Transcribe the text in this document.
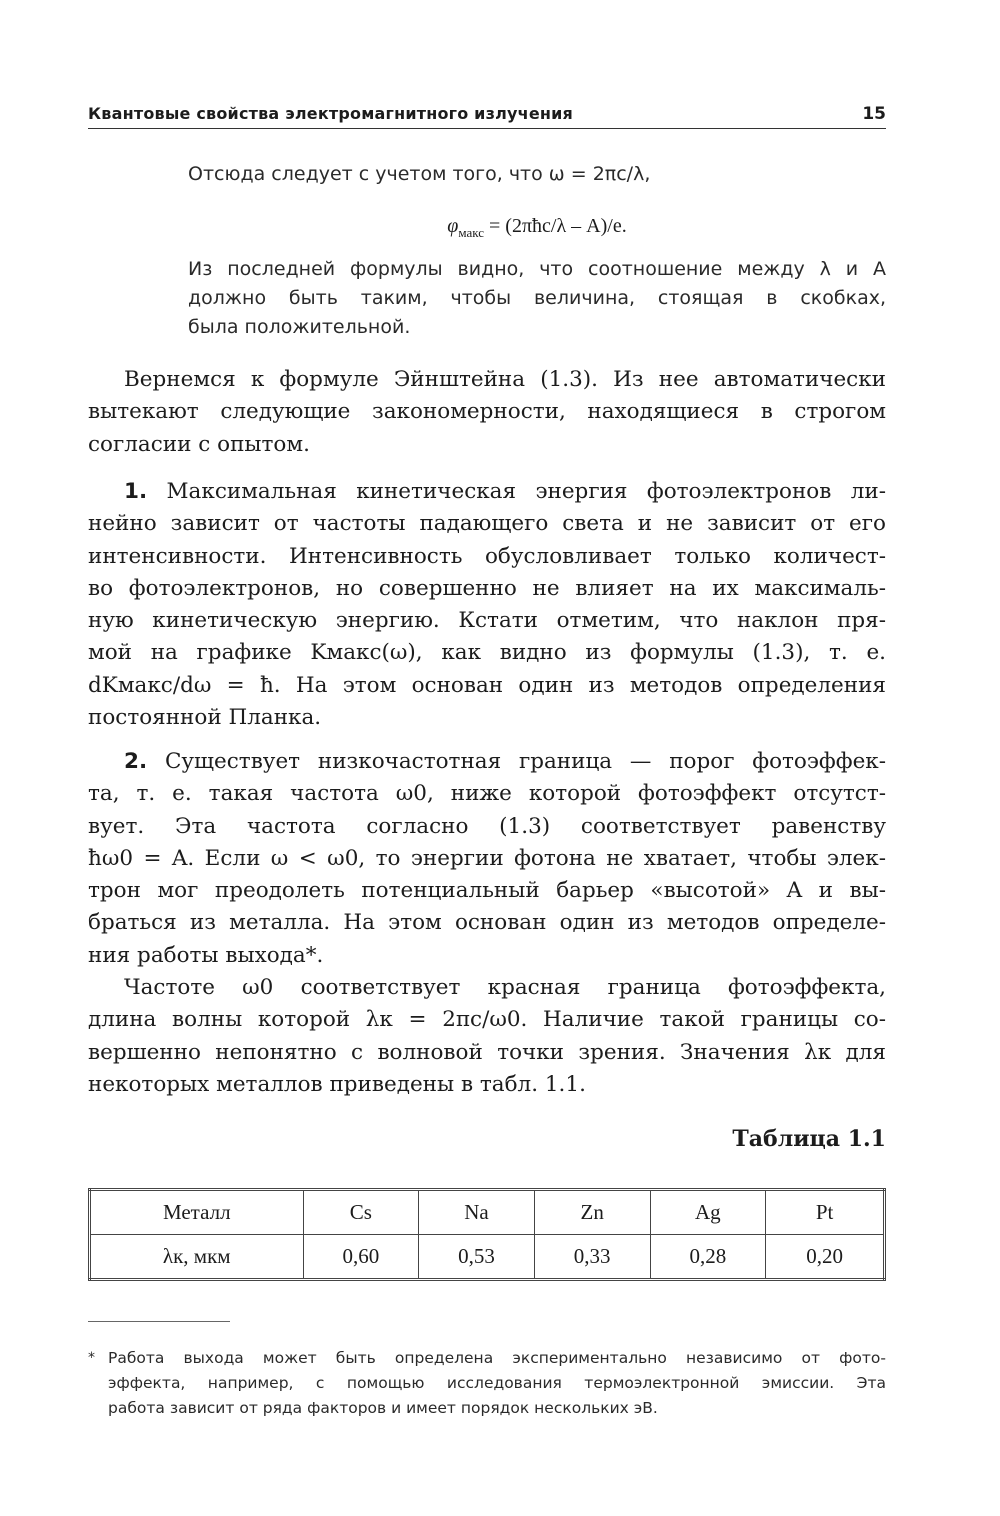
Квантовые свойства электромагнитного излучения	15
Отсюда следует с учетом того, что ω = 2πc/λ,
$\varphi_{макс}$ = (2πħc/λ – A)/e.
Из последней формулы видно, что соотношение между λ и A
должно быть таким, чтобы величина, стоящая в скобках,
была положительной.
Вернемся к формуле Эйнштейна (1.3). Из нее автоматически
вытекают следующие закономерности, находящиеся в строгом
согласии с опытом.
1. Максимальная кинетическая энергия фотоэлектронов ли-
нейно зависит от частоты падающего света и не зависит от его
интенсивности. Интенсивность обусловливает только количест-
во фотоэлектронов, но совершенно не влияет на их максималь-
ную кинетическую энергию. Кстати отметим, что наклон пря-
мой на графике Kмакс(ω), как видно из формулы (1.3), т. е.
dKмакс/dω = ħ. На этом основан один из методов определения
постоянной Планка.
2. Существует низкочастотная граница — порог фотоэффек-
та, т. е. такая частота ω0, ниже которой фотоэффект отсутст-
вует. Эта частота согласно (1.3) соответствует равенству
ħω0 = A. Если ω < ω0, то энергии фотона не хватает, чтобы элек-
трон мог преодолеть потенциальный барьер «высотой» A и вы-
браться из металла. На этом основан один из методов определе-
ния работы выхода*.
Частоте ω0 соответствует красная граница фотоэффекта,
длина волны которой λк = 2πc/ω0. Наличие такой границы со-
вершенно непонятно с волновой точки зрения. Значения λк для
некоторых металлов приведены в табл. 1.1.
Таблица 1.1
Металл	Cs	Na	Zn	Ag	Pt
λк, мкм	0,60	0,53	0,33	0,28	0,20
* Работа выхода может быть определена экспериментально независимо от фото-
эффекта, например, с помощью исследования термоэлектронной эмиссии. Эта
работа зависит от ряда факторов и имеет порядок нескольких эВ.
